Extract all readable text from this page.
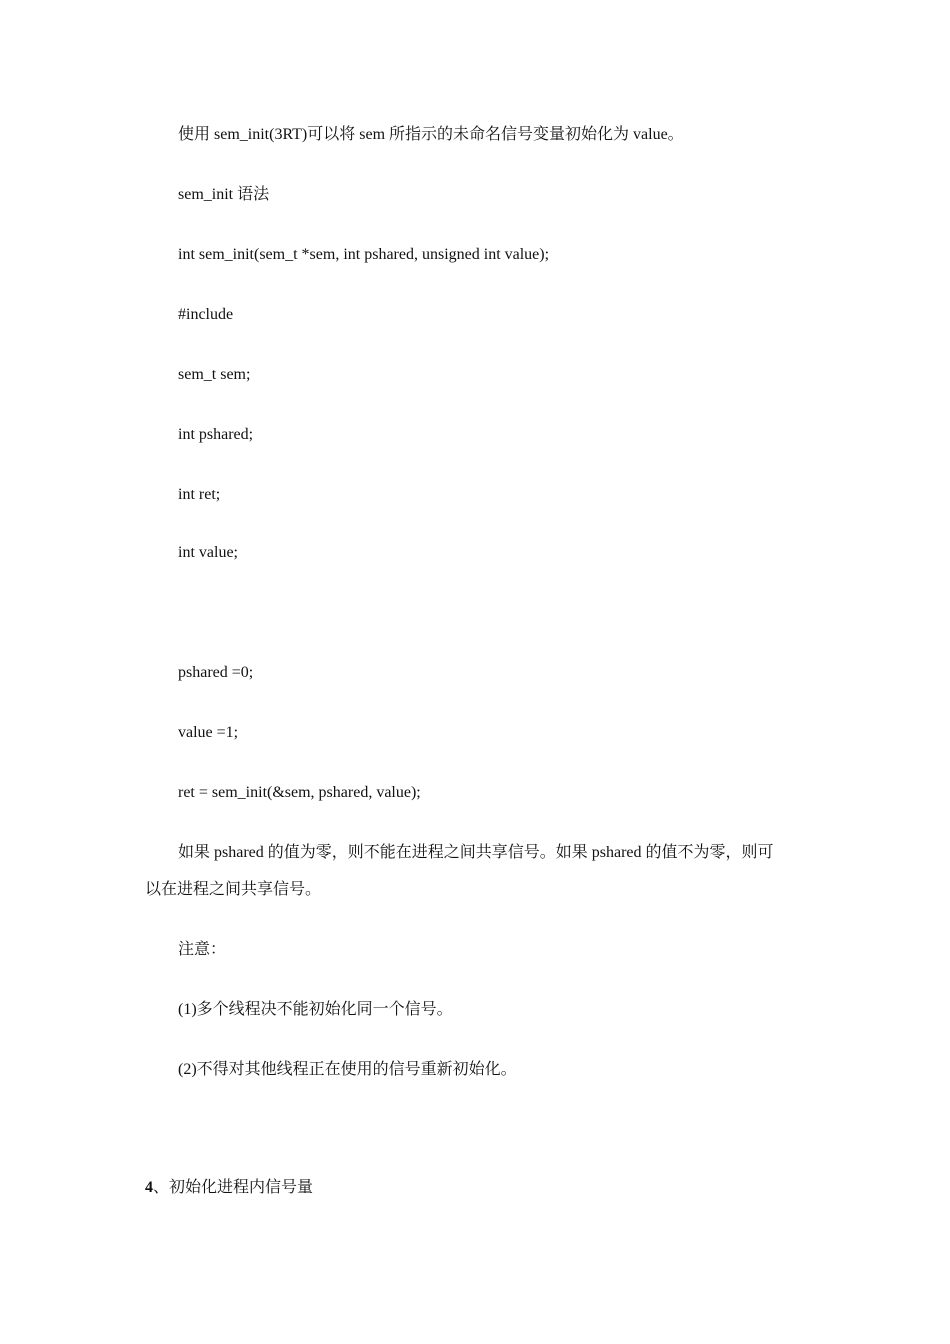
使用 sem_init(3RT)可以将 sem 所指示的未命名信号变量初始化为 value。
sem_init 语法
int sem_init(sem_t *sem, int pshared, unsigned int value);
#include
sem_t sem;
int pshared;
int ret;
int value;
pshared =0;
value =1;
ret = sem_init(&sem, pshared, value);
如果 pshared 的值为零，则不能在进程之间共享信号。如果 pshared 的值不为零，则可
以在进程之间共享信号。
注意：
(1)多个线程决不能初始化同一个信号。
(2)不得对其他线程正在使用的信号重新初始化。
4、初始化进程内信号量
